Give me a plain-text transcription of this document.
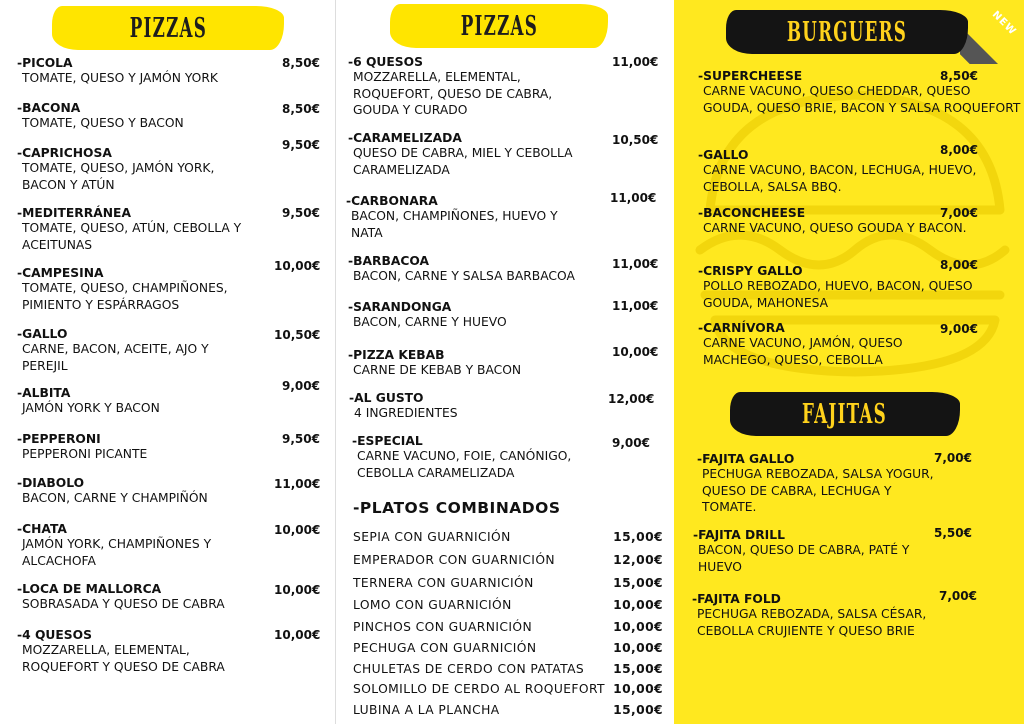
NEW
PIZZAS	PIZZAS	BURGUERS
FAJITAS
-PICOLA
TOMATE, QUESO Y JAMÓN YORK
8,50€
-BACONA
TOMATE, QUESO Y BACON
8,50€
-CAPRICHOSA
TOMATE, QUESO, JAMÓN YORK, BACON Y ATÚN
9,50€
-MEDITERRÁNEA
TOMATE, QUESO, ATÚN, CEBOLLA Y ACEITUNAS
9,50€
-CAMPESINA
TOMATE, QUESO, CHAMPIÑONES, PIMIENTO Y ESPÁRRAGOS
10,00€
-GALLO
CARNE, BACON, ACEITE, AJO Y PEREJIL
10,50€
-ALBITA
JAMÓN YORK Y BACON
9,00€
-PEPPERONI
PEPPERONI PICANTE
9,50€
-DIABOLO
BACON, CARNE Y CHAMPIÑÓN
11,00€
-CHATA
JAMÓN YORK, CHAMPIÑONES Y ALCACHOFA
10,00€
-LOCA DE MALLORCA
SOBRASADA Y QUESO DE CABRA
10,00€
-4 QUESOS
MOZZARELLA, ELEMENTAL, ROQUEFORT Y QUESO DE CABRA
10,00€
-6 QUESOS
MOZZARELLA, ELEMENTAL, ROQUEFORT, QUESO DE CABRA, GOUDA Y CURADO
11,00€
-CARAMELIZADA
QUESO DE CABRA, MIEL Y CEBOLLA CARAMELIZADA
10,50€
-CARBONARA
BACON, CHAMPIÑONES, HUEVO Y NATA
11,00€
-BARBACOA
BACON, CARNE Y SALSA BARBACOA
11,00€
-SARANDONGA
BACON, CARNE Y HUEVO
11,00€
-PIZZA KEBAB
CARNE DE KEBAB Y BACON
10,00€
-AL GUSTO
4 INGREDIENTES
12,00€
-ESPECIAL
CARNE VACUNO, FOIE, CANÓNIGO, CEBOLLA CARAMELIZADA
9,00€
-PLATOS COMBINADOS
SEPIA CON GUARNICIÓN	15,00€
EMPERADOR CON GUARNICIÓN	12,00€
TERNERA CON GUARNICIÓN	15,00€
LOMO CON GUARNICIÓN	10,00€
PINCHOS CON GUARNICIÓN	10,00€
PECHUGA CON GUARNICIÓN	10,00€
CHULETAS DE CERDO CON PATATAS 15,00€
SOLOMILLO DE CERDO AL ROQUEFORT 10,00€
LUBINA A LA PLANCHA	15,00€
-SUPERCHEESE
CARNE VACUNO, QUESO CHEDDAR, QUESO GOUDA, QUESO BRIE, BACON Y SALSA ROQUEFORT
8,50€
-GALLO
CARNE VACUNO, BACON, LECHUGA, HUEVO, CEBOLLA, SALSA BBQ.
8,00€
-BACONCHEESE
CARNE VACUNO, QUESO GOUDA Y BACON.
7,00€
-CRISPY GALLO
POLLO REBOZADO, HUEVO, BACON, QUESO GOUDA, MAHONESA
8,00€
-CARNÍVORA
CARNE VACUNO, JAMÓN, QUESO MACHEGO, QUESO, CEBOLLA
9,00€
-FAJITA GALLO
PECHUGA REBOZADA, SALSA YOGUR, QUESO DE CABRA, LECHUGA Y TOMATE.
7,00€
-FAJITA DRILL
BACON, QUESO DE CABRA, PATÉ Y HUEVO
5,50€
-FAJITA FOLD
PECHUGA REBOZADA, SALSA CÉSAR, CEBOLLA CRUJIENTE Y QUESO BRIE
7,00€
